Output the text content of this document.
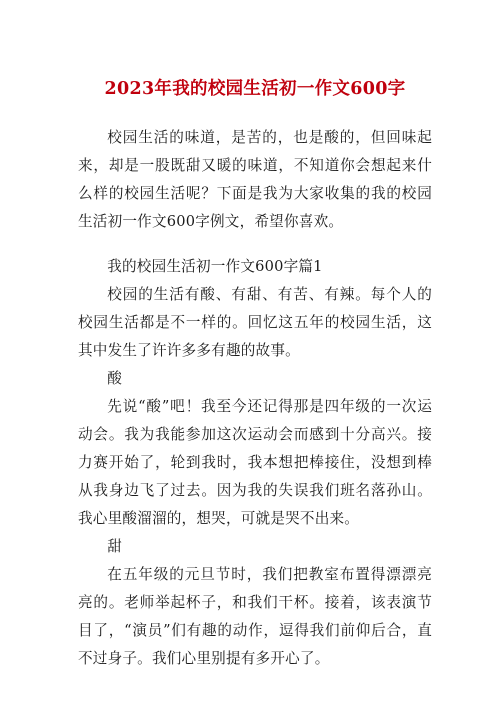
2023年我的校园生活初一作文600字

校园生活的味道，是苦的，也是酸的，但回味起来，却是一股既甜又暖的味道，不知道你会想起来什么样的校园生活呢？下面是我为大家收集的我的校园生活初一作文600字例文，希望你喜欢。

我的校园生活初一作文600字篇1

校园的生活有酸、有甜、有苦、有辣。每个人的校园生活都是不一样的。回忆这五年的校园生活，这其中发生了许许多多有趣的故事。

酸

先说“酸”吧！我至今还记得那是四年级的一次运动会。我为我能参加这次运动会而感到十分高兴。接力赛开始了，轮到我时，我本想把棒接住，没想到棒从我身边飞了过去。因为我的失误我们班名落孙山。我心里酸溜溜的，想哭，可就是哭不出来。

甜

在五年级的元旦节时，我们把教室布置得漂漂亮亮的。老师举起杯子，和我们干杯。接着，该表演节目了，“演员”们有趣的动作，逗得我们前仰后合，直不过身子。我们心里别提有多开心了。
